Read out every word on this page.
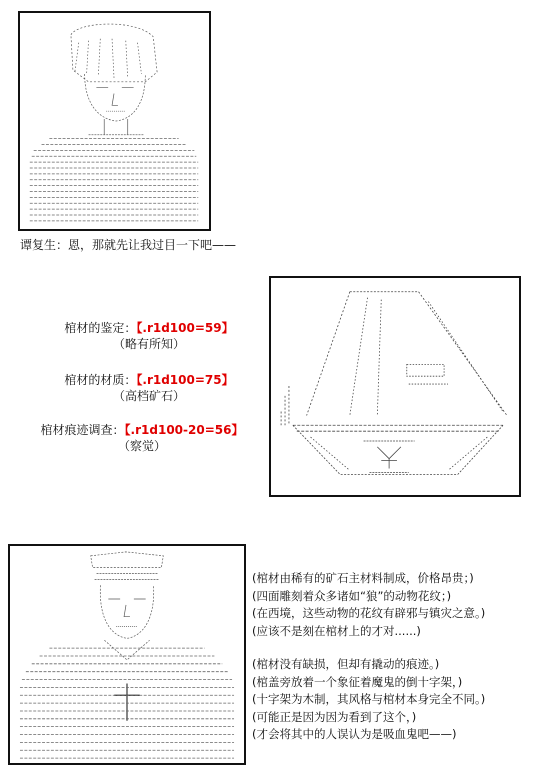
谭复生：恩，那就先让我过目一下吧——
棺材的鉴定：【.r1d100=59】
（略有所知）
棺材的材质：【.r1d100=75】
（高档矿石）
棺材痕迹调查：【.r1d100-20=56】
（察觉）
(棺材由稀有的矿石主材料制成，价格昂贵；)
(四面雕刻着众多诸如“狼”的动物花纹；)
(在西境，这些动物的花纹有辟邪与镇灾之意。)
(应该不是刻在棺材上的才对......)
(棺材没有缺损，但却有撬动的痕迹。)
(棺盖旁放着一个象征着魔鬼的倒十字架，)
(十字架为木制，其风格与棺材本身完全不同。)
(可能正是因为因为看到了这个，)
(才会将其中的人误认为是吸血鬼吧——)
